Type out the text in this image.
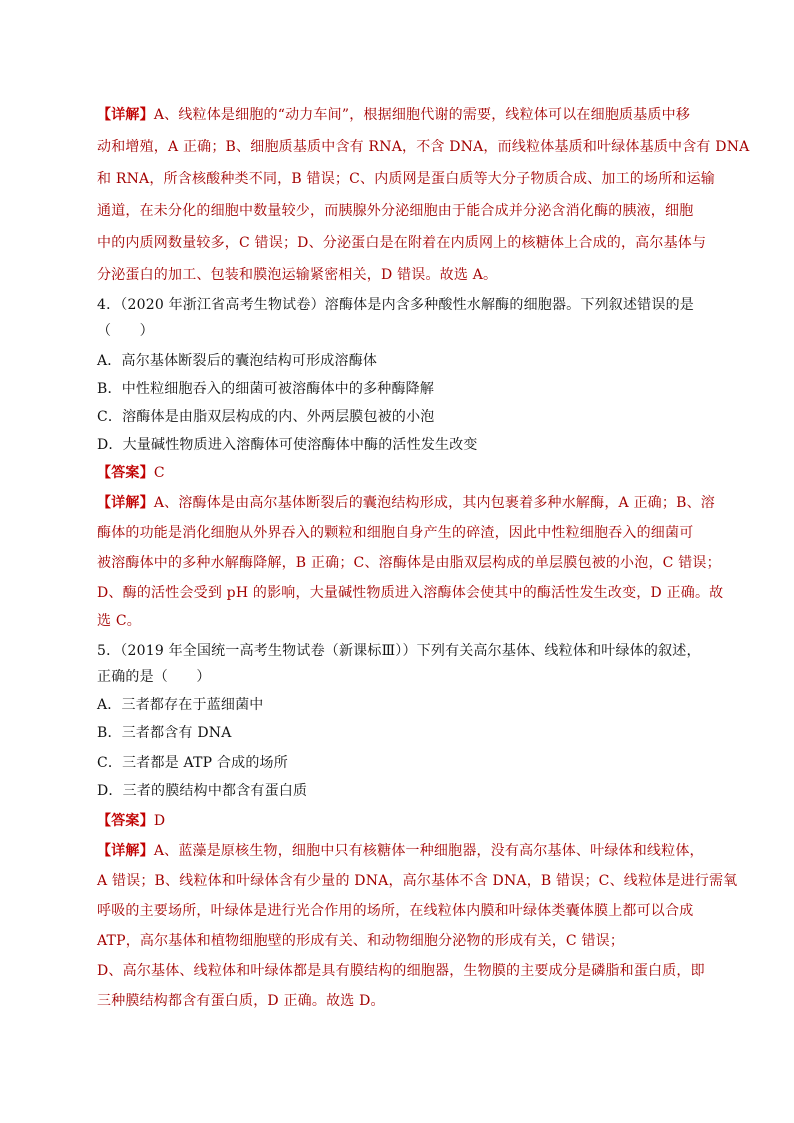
【详解】A、线粒体是细胞的“动力车间”，根据细胞代谢的需要，线粒体可以在细胞质基质中移
动和增殖，A 正确；B、细胞质基质中含有 RNA，不含 DNA，而线粒体基质和叶绿体基质中含有 DNA
和 RNA，所含核酸种类不同，B 错误；C、内质网是蛋白质等大分子物质合成、加工的场所和运输
通道，在未分化的细胞中数量较少，而胰腺外分泌细胞由于能合成并分泌含消化酶的胰液，细胞
中的内质网数量较多，C 错误；D、分泌蛋白是在附着在内质网上的核糖体上合成的，高尔基体与
分泌蛋白的加工、包装和膜泡运输紧密相关，D 错误。故选 A。
4．（2020 年浙江省高考生物试卷）溶酶体是内含多种酸性水解酶的细胞器。下列叙述错误的是
（　　）
A．高尔基体断裂后的囊泡结构可形成溶酶体
B．中性粒细胞吞入的细菌可被溶酶体中的多种酶降解
C．溶酶体是由脂双层构成的内、外两层膜包被的小泡
D．大量碱性物质进入溶酶体可使溶酶体中酶的活性发生改变
【答案】C
【详解】A、溶酶体是由高尔基体断裂后的囊泡结构形成，其内包裹着多种水解酶，A 正确；B、溶
酶体的功能是消化细胞从外界吞入的颗粒和细胞自身产生的碎渣，因此中性粒细胞吞入的细菌可
被溶酶体中的多种水解酶降解，B 正确；C、溶酶体是由脂双层构成的单层膜包被的小泡，C 错误；
D、酶的活性会受到 pH 的影响，大量碱性物质进入溶酶体会使其中的酶活性发生改变，D 正确。故
选 C。
5．（2019 年全国统一高考生物试卷（新课标Ⅲ））下列有关高尔基体、线粒体和叶绿体的叙述，
正确的是（　　）
A．三者都存在于蓝细菌中
B．三者都含有 DNA
C．三者都是 ATP 合成的场所
D．三者的膜结构中都含有蛋白质
【答案】D
【详解】A、蓝藻是原核生物，细胞中只有核糖体一种细胞器，没有高尔基体、叶绿体和线粒体，
A 错误；B、线粒体和叶绿体含有少量的 DNA，高尔基体不含 DNA，B 错误；C、线粒体是进行需氧
呼吸的主要场所，叶绿体是进行光合作用的场所，在线粒体内膜和叶绿体类囊体膜上都可以合成
ATP，高尔基体和植物细胞壁的形成有关、和动物细胞分泌物的形成有关，C 错误；
D、高尔基体、线粒体和叶绿体都是具有膜结构的细胞器，生物膜的主要成分是磷脂和蛋白质，即
三种膜结构都含有蛋白质，D 正确。故选 D。
